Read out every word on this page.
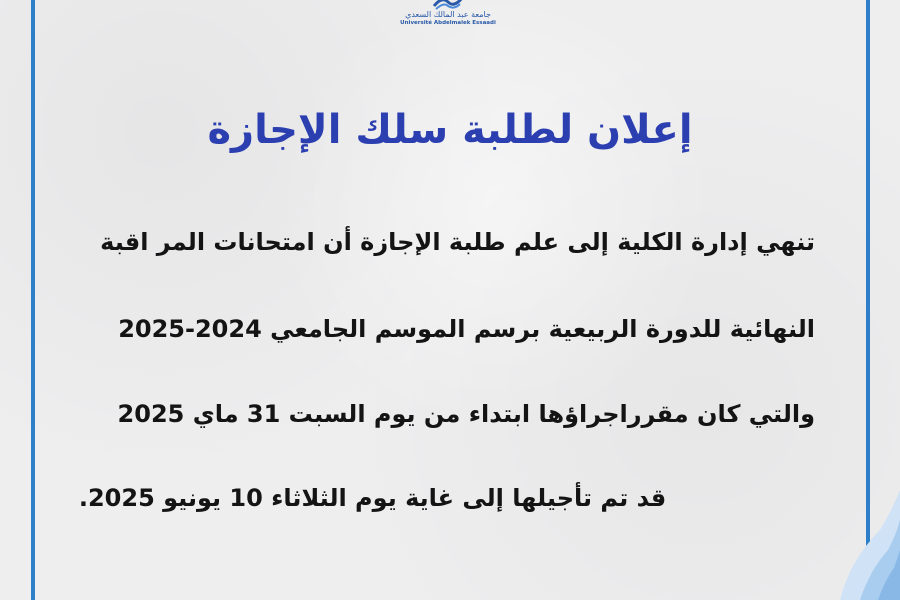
جامعة عبد المالك السعدي
Université Abdelmalek Essaadi
إعلان لطلبة سلك الإجازة
تنهي إدارة الكلية إلى علم طلبة الإجازة أن امتحانات المر اقبة
النهائية للدورة الربيعية برسم الموسم الجامعي 2024-2025
والتي كان مقرراجراؤها ابتداء من يوم السبت 31 ماي 2025
قد تم تأجيلها إلى غاية يوم الثلاثاء 10 يونيو 2025.
